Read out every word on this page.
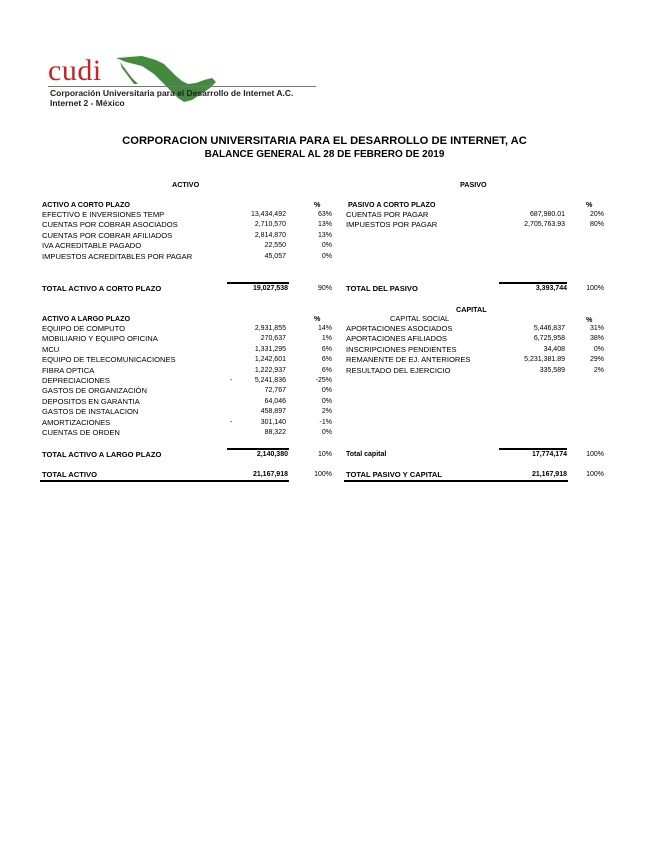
cudi
Corporación Universitaria para el Desarrollo de Internet A.C.
Internet 2 - México
CORPORACION UNIVERSITARIA PARA EL DESARROLLO DE INTERNET, AC
BALANCE GENERAL AL 28 DE FEBRERO DE 2019
ACTIVO	PASIVO
ACTIVO A CORTO PLAZO	%
EFECTIVO E INVERSIONES TEMP	13,434,492	63%
CUENTAS POR COBRAR ASOCIADOS	2,710,570	13%
CUENTAS POR COBRAR AFILIADOS	2,814,870	13%
IVA ACREDITABLE PAGADO	22,550	0%
IMPUESTOS ACREDITABLES POR PAGAR	45,057	0%
TOTAL ACTIVO A CORTO PLAZO	19,027,538	90%
ACTIVO A LARGO PLAZO	%
EQUIPO DE COMPUTO	2,931,855	14%
MOBILIARIO Y EQUIPO OFICINA	270,637	1%
MCU	1,331,295	6%
EQUIPO DE TELECOMUNICACIONES	1,242,601	6%
FIBRA OPTICA	1,222,937	6%
DEPRECIACIONES	-	5,241,836	-25%
GASTOS DE ORGANIZACIÓN	72,767	0%
DEPOSITOS EN GARANTIA	64,046	0%
GASTOS DE INSTALACION	458,897	2%
AMORTIZACIONES	-	301,140	-1%
CUENTAS DE ORDEN	88,322	0%
TOTAL ACTIVO A LARGO PLAZO	2,140,380	10%
TOTAL ACTIVO	21,167,918	100%
PASIVO A CORTO PLAZO	%
CUENTAS POR PAGAR	687,980.01	20%
IMPUESTOS POR PAGAR	2,705,763.93	80%
TOTAL DEL PASIVO	3,393,744	100%
CAPITAL
CAPITAL SOCIAL	%
APORTACIONES ASOCIADOS	5,446,837	31%
APORTACIONES AFILIADOS	6,725,958	38%
INSCRIPCIONES PENDIENTES	34,408	0%
REMANENTE DE EJ. ANTERIORES	5,231,381.89	29%
RESULTADO DEL EJERCICIO	335,589	2%
Total capital	17,774,174	100%
TOTAL PASIVO Y CAPITAL	21,167,918	100%
